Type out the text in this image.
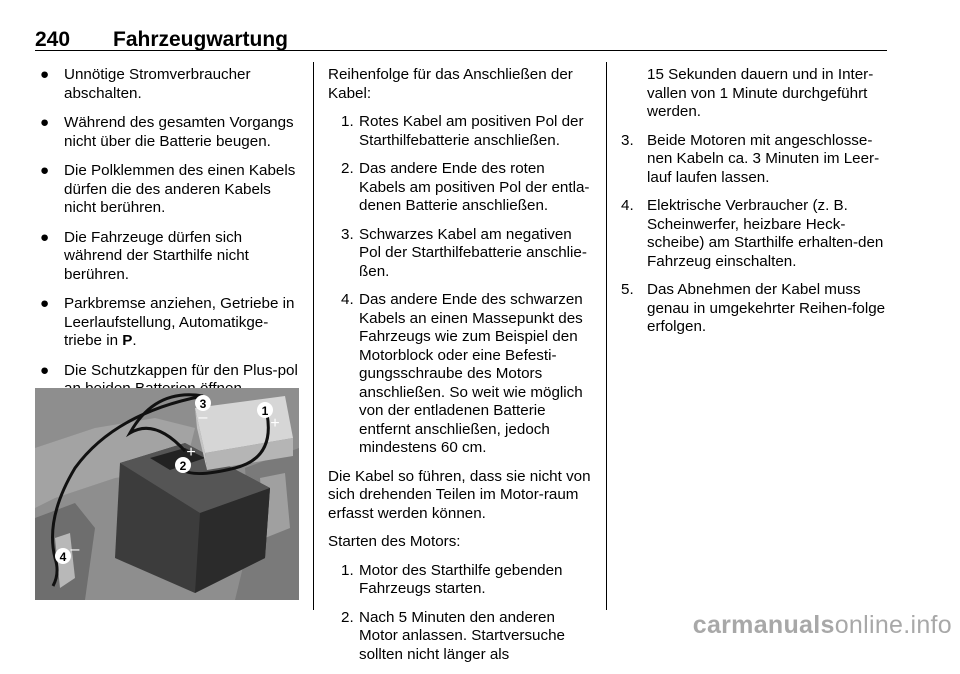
240 Fahrzeugwartung
● Unnötige Stromverbraucher abschalten.
● Während des gesamten Vorgangs nicht über die Batterie beugen.
● Die Polklemmen des einen Kabels dürfen die des anderen Kabels nicht berühren.
● Die Fahrzeuge dürfen sich während der Starthilfe nicht berühren.
● Parkbremse anziehen, Getriebe in Leerlaufstellung, Automatikge‐triebe in P.
● Die Schutzkappen für den Plus‐pol
3
–	1
+
2
+
4 –

Reihenfolge für das Anschließen der Kabel:

1. Rotes Kabel am positiven Pol der Starthilfebatterie anschließen.
2. Das andere Ende des roten Kabels am positiven Pol der entla‐denen Batterie anschließen.
3. Schwarzes Kabel am negativen Pol der Starthilfebatterie anschlie‐ßen.
4. Das andere Ende des schwarzen Kabels an einen Massepunkt des Fahrzeugs wie zum Beispiel den Motorblock oder eine Befesti‐gungsschraube des Motors anschließen. So weit wie möglich von der entladenen Batterie entfernt anschließen, jedoch mindestens 60 cm.

Die Kabel so führen, dass sie nicht von sich drehenden Teilen im Motor‐raum erfasst werden können.

Starten des Motors:

1. Motor des Starthilfe gebenden Fahrzeugs starten.
2. Nach 5 Minuten den anderen Motor anlassen. Startversuche sollten nicht länger als
15 Sekunden dauern und in Inter‐vallen von 1 Minute durchgeführt werden.
3. Beide Motoren mit angeschlosse‐nen Kabeln ca. 3 Minuten im Leer‐lauf laufen lassen.
4. Elektrische Verbraucher (z. B. Scheinwerfer, heizbare Heck‐scheibe) am Starthilfe erhalten‐den Fahrzeug einschalten.
5. Das Abnehmen der Kabel muss genau in umgekehrter Reihen‐folge erfolgen.
carmanualsonline.info
